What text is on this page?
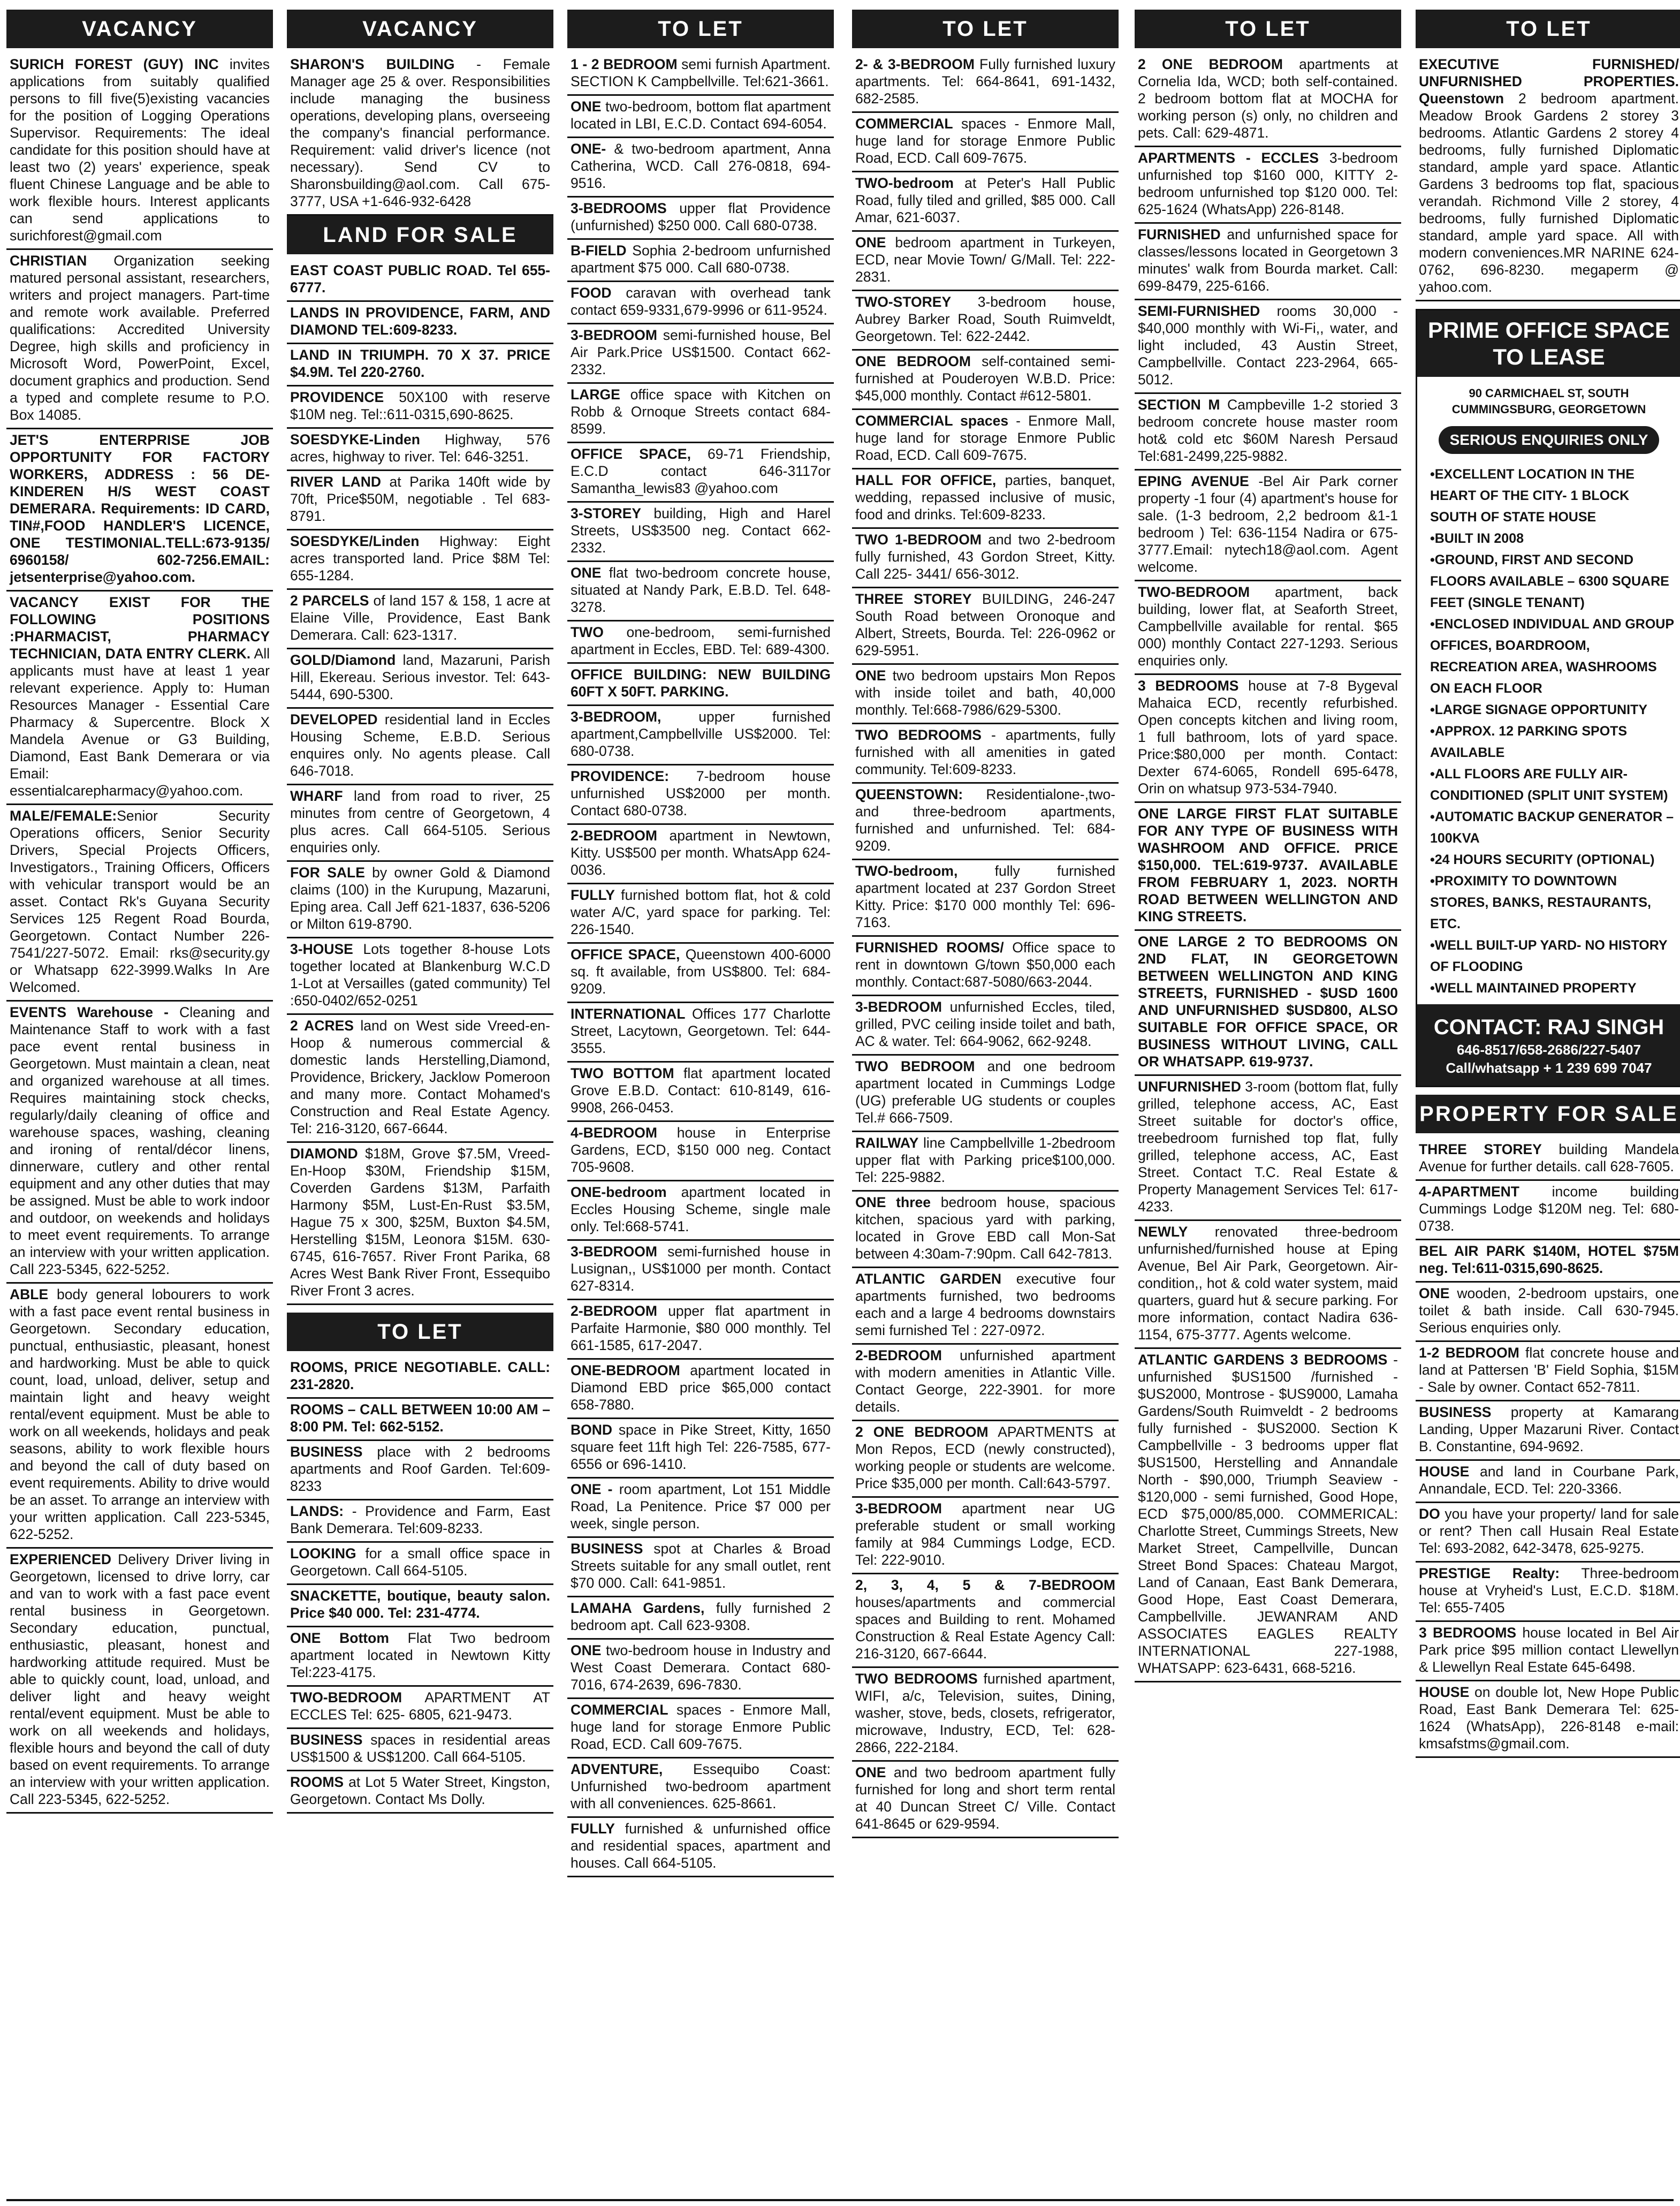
VACANCY
SURICH FOREST (GUY) INC invites applications from suitably qualified persons to fill five(5)existing vacancies for the position of Logging Operations Supervisor. Requirements: The ideal candidate for this position should have at least two (2) years' experience, speak fluent Chinese Language and be able to work flexible hours. Interest applicants can send applications to surichforest@gmail.com
CHRISTIAN Organization seeking matured personal assistant, researchers, writers and project managers. Part-time and remote work available. Preferred qualifications: Accredited University Degree, high skills and proficiency in Microsoft Word, PowerPoint, Excel, document graphics and production. Send a typed and complete resume to P.O. Box 14085.
JET'S ENTERPRISE JOB OPPORTUNITY FOR FACTORY WORKERS, ADDRESS : 56 DE-KINDEREN H/S WEST COAST DEMERARA. Requirements: ID CARD, TIN#,FOOD HANDLER'S LICENCE, ONE TESTIMONIAL.TELL:673-9135/ 6960158/ 602-7256.EMAIL: jetsenterprise@yahoo.com.
VACANCY EXIST FOR THE FOLLOWING POSITIONS :PHARMACIST, PHARMACY TECHNICIAN, DATA ENTRY CLERK. All applicants must have at least 1 year relevant experience. Apply to: Human Resources Manager - Essential Care Pharmacy & Supercentre. Block X Mandela Avenue or G3 Building, Diamond, East Bank Demerara or via Email: essentialcarepharmacy@yahoo.com.
MALE/FEMALE:Senior Security Operations officers, Senior Security Drivers, Special Projects Officers, Investigators., Training Officers, Officers with vehicular transport would be an asset. Contact Rk's Guyana Security Services 125 Regent Road Bourda, Georgetown. Contact Number 226-7541/227-5072. Email: rks@security.gy or Whatsapp 622-3999.Walks In Are Welcomed.
EVENTS Warehouse - Cleaning and Maintenance Staff to work with a fast pace event rental business in Georgetown. Must maintain a clean, neat and organized warehouse at all times. Requires maintaining stock checks, regularly/daily cleaning of office and warehouse spaces, washing, cleaning and ironing of rental/décor linens, dinnerware, cutlery and other rental equipment and any other duties that may be assigned. Must be able to work indoor and outdoor, on weekends and holidays to meet event requirements. To arrange an interview with your written application. Call 223-5345, 622-5252.
ABLE body general lobourers to work with a fast pace event rental business in Georgetown. Secondary education, punctual, enthusiastic, pleasant, honest and hardworking. Must be able to quick count, load, unload, deliver, setup and maintain light and heavy weight rental/event equipment. Must be able to work on all weekends, holidays and peak seasons, ability to work flexible hours and beyond the call of duty based on event requirements. Ability to drive would be an asset. To arrange an interview with your written application. Call 223-5345, 622-5252.
EXPERIENCED Delivery Driver living in Georgetown, licensed to drive lorry, car and van to work with a fast pace event rental business in Georgetown. Secondary education, punctual, enthusiastic, pleasant, honest and hardworking attitude required. Must be able to quickly count, load, unload, and deliver light and heavy weight rental/event equipment. Must be able to work on all weekends and holidays, flexible hours and beyond the call of duty based on event requirements. To arrange an interview with your written application. Call 223-5345, 622-5252.
VACANCY
SHARON'S BUILDING - Female Manager age 25 & over. Responsibilities include managing the business operations, developing plans, overseeing the company's financial performance. Requirement: valid driver's licence (not necessary). Send CV to Sharonsbuilding@aol.com. Call 675-3777, USA +1-646-932-6428
LAND FOR SALE
EAST COAST PUBLIC ROAD. Tel 655-6777.
LANDS IN PROVIDENCE, FARM, AND DIAMOND TEL:609-8233.
LAND IN TRIUMPH. 70 X 37. PRICE $4.9M. Tel 220-2760.
PROVIDENCE 50X100 with reserve $10M neg. Tel::611-0315,690-8625.
SOESDYKE-Linden Highway, 576 acres, highway to river. Tel: 646-3251.
RIVER LAND at Parika 140ft wide by 70ft, Price$50M, negotiable . Tel 683-8791.
SOESDYKE/Linden Highway: Eight acres transported land. Price $8M Tel: 655-1284.
2 PARCELS of land 157 & 158, 1 acre at Elaine Ville, Providence, East Bank Demerara. Call: 623-1317.
GOLD/Diamond land, Mazaruni, Parish Hill, Ekereau. Serious investor. Tel: 643-5444, 690-5300.
DEVELOPED residential land in Eccles Housing Scheme, E.B.D. Serious enquires only. No agents please. Call 646-7018.
WHARF land from road to river, 25 minutes from centre of Georgetown, 4 plus acres. Call 664-5105. Serious enquiries only.
FOR SALE by owner Gold & Diamond claims (100) in the Kurupung, Mazaruni, Eping area. Call Jeff 621-1837, 636-5206 or Milton 619-8790.
3-HOUSE Lots together 8-house Lots together located at Blankenburg W.C.D 1-Lot at Versailles (gated community) Tel :650-0402/652-0251
2 ACRES land on West side Vreed-en-Hoop & numerous commercial & domestic lands Herstelling,Diamond, Providence, Brickery, Jacklow Pomeroon and many more. Contact Mohamed's Construction and Real Estate Agency. Tel: 216-3120, 667-6644.
DIAMOND $18M, Grove $7.5M, Vreed-En-Hoop $30M, Friendship $15M, Coverden Gardens $13M, Parfaith Harmony $5M, Lust-En-Rust $3.5M, Hague 75 x 300, $25M, Buxton $4.5M, Herstelling $15M, Leonora $15M. 630-6745, 616-7657. River Front Parika, 68 Acres West Bank River Front, Essequibo River Front 3 acres.
TO LET
ROOMS, PRICE NEGOTIABLE. CALL: 231-2820.
ROOMS – CALL BETWEEN 10:00 AM – 8:00 PM. Tel: 662-5152.
BUSINESS place with 2 bedrooms apartments and Roof Garden. Tel:609-8233
LANDS: - Providence and Farm, East Bank Demerara. Tel:609-8233.
LOOKING for a small office space in Georgetown. Call 664-5105.
SNACKETTE, boutique, beauty salon. Price $40 000. Tel: 231-4774.
ONE Bottom Flat Two bedroom apartment located in Newtown Kitty Tel:223-4175.
TWO-BEDROOM APARTMENT AT ECCLES Tel: 625- 6805, 621-9473.
BUSINESS spaces in residential areas US$1500 & US$1200. Call 664-5105.
ROOMS at Lot 5 Water Street, Kingston, Georgetown. Contact Ms Dolly.
TO LET
1 - 2 BEDROOM semi furnish Apartment. SECTION K Campbellville. Tel:621-3661.
ONE two-bedroom, bottom flat apartment located in LBI, E.C.D. Contact 694-6054.
ONE- & two-bedroom apartment, Anna Catherina, WCD. Call 276-0818, 694-9516.
3-BEDROOMS upper flat Providence (unfurnished) $250 000. Call 680-0738.
B-FIELD Sophia 2-bedroom unfurnished apartment $75 000. Call 680-0738.
FOOD caravan with overhead tank contact 659-9331,679-9996 or 611-9524.
3-BEDROOM semi-furnished house, Bel Air Park.Price US$1500. Contact 662-2332.
LARGE office space with Kitchen on Robb & Ornoque Streets contact 684-8599.
OFFICE SPACE, 69-71 Friendship, E.C.D contact 646-3117or Samantha_lewis83 @yahoo.com
3-STOREY building, High and Harel Streets, US$3500 neg. Contact 662-2332.
ONE flat two-bedroom concrete house, situated at Nandy Park, E.B.D. Tel. 648-3278.
TWO one-bedroom, semi-furnished apartment in Eccles, EBD. Tel: 689-4300.
OFFICE BUILDING: NEW BUILDING 60FT X 50FT. PARKING.
3-BEDROOM, upper furnished apartment,Campbellville US$2000. Tel: 680-0738.
PROVIDENCE: 7-bedroom house unfurnished US$2000 per month. Contact 680-0738.
2-BEDROOM apartment in Newtown, Kitty. US$500 per month. WhatsApp 624-0036.
FULLY furnished bottom flat, hot & cold water A/C, yard space for parking. Tel: 226-1540.
OFFICE SPACE, Queenstown 400-6000 sq. ft available, from US$800. Tel: 684-9209.
INTERNATIONAL Offices 177 Charlotte Street, Lacytown, Georgetown. Tel: 644-3555.
TWO BOTTOM flat apartment located Grove E.B.D. Contact: 610-8149, 616-9908, 266-0453.
4-BEDROOM house in Enterprise Gardens, ECD, $150 000 neg. Contact 705-9608.
ONE-bedroom apartment located in Eccles Housing Scheme, single male only. Tel:668-5741.
3-BEDROOM semi-furnished house in Lusignan,, US$1000 per month. Contact 627-8314.
2-BEDROOM upper flat apartment in Parfaite Harmonie, $80 000 monthly. Tel 661-1585, 617-2047.
ONE-BEDROOM apartment located in Diamond EBD price $65,000 contact 658-7880.
BOND space in Pike Street, Kitty, 1650 square feet 11ft high Tel: 226-7585, 677-6556 or 696-1410.
ONE - room apartment, Lot 151 Middle Road, La Penitence. Price $7 000 per week, single person.
BUSINESS spot at Charles & Broad Streets suitable for any small outlet, rent $70 000. Call: 641-9851.
LAMAHA Gardens, fully furnished 2 bedroom apt. Call 623-9308.
ONE two-bedroom house in Industry and West Coast Demerara. Contact 680-7016, 674-2639, 696-7830.
COMMERCIAL spaces - Enmore Mall, huge land for storage Enmore Public Road, ECD. Call 609-7675.
ADVENTURE, Essequibo Coast: Unfurnished two-bedroom apartment with all conveniences. 625-8661.
FULLY furnished & unfurnished office and residential spaces, apartment and houses. Call 664-5105.
TO LET
2- & 3-BEDROOM Fully furnished luxury apartments. Tel: 664-8641, 691-1432, 682-2585.
COMMERCIAL spaces - Enmore Mall, huge land for storage Enmore Public Road, ECD. Call 609-7675.
TWO-bedroom at Peter's Hall Public Road, fully tiled and grilled, $85 000. Call Amar, 621-6037.
ONE bedroom apartment in Turkeyen, ECD, near Movie Town/ G/Mall. Tel: 222-2831.
TWO-STOREY 3-bedroom house, Aubrey Barker Road, South Ruimveldt, Georgetown. Tel: 622-2442.
ONE BEDROOM self-contained semi-furnished at Pouderoyen W.B.D. Price: $45,000 monthly. Contact #612-5801.
COMMERCIAL spaces - Enmore Mall, huge land for storage Enmore Public Road, ECD. Call 609-7675.
HALL FOR OFFICE, parties, banquet, wedding, repassed inclusive of music, food and drinks. Tel:609-8233.
TWO 1-BEDROOM and two 2-bedroom fully furnished, 43 Gordon Street, Kitty. Call 225- 3441/ 656-3012.
THREE STOREY BUILDING, 246-247 South Road between Oronoque and Albert, Streets, Bourda. Tel: 226-0962 or 629-5951.
ONE two bedroom upstairs Mon Repos with inside toilet and bath, 40,000 monthly. Tel:668-7986/629-5300.
TWO BEDROOMS - apartments, fully furnished with all amenities in gated community. Tel:609-8233.
QUEENSTOWN: Residentialone-,two-and three-bedroom apartments, furnished and unfurnished. Tel: 684-9209.
TWO-bedroom, fully furnished apartment located at 237 Gordon Street Kitty. Price: $170 000 monthly Tel: 696-7163.
FURNISHED ROOMS/ Office space to rent in downtown G/town $50,000 each monthly. Contact:687-5080/663-2044.
3-BEDROOM unfurnished Eccles, tiled, grilled, PVC ceiling inside toilet and bath, AC & water. Tel: 664-9062, 662-9248.
TWO BEDROOM and one bedroom apartment located in Cummings Lodge (UG) preferable UG students or couples Tel.# 666-7509.
RAILWAY line Campbellville 1-2bedroom upper flat with Parking price$100,000. Tel: 225-9882.
ONE three bedroom house, spacious kitchen, spacious yard with parking, located in Grove EBD call Mon-Sat between 4:30am-7:90pm. Call 642-7813.
ATLANTIC GARDEN executive four apartments furnished, two bedrooms each and a large 4 bedrooms downstairs semi furnished Tel : 227-0972.
2-BEDROOM unfurnished apartment with modern amenities in Atlantic Ville. Contact George, 222-3901. for more details.
2 ONE BEDROOM APARTMENTS at Mon Repos, ECD (newly constructed), working people or students are welcome. Price $35,000 per month. Call:643-5797.
3-BEDROOM apartment near UG preferable student or small working family at 984 Cummings Lodge, ECD. Tel: 222-9010.
2, 3, 4, 5 & 7-BEDROOM houses/apartments and commercial spaces and Building to rent. Mohamed Construction & Real Estate Agency Call: 216-3120, 667-6644.
TWO BEDROOMS furnished apartment, WIFI, a/c, Television, suites, Dining, washer, stove, beds, closets, refrigerator, microwave, Industry, ECD, Tel: 628-2866, 222-2184.
ONE and two bedroom apartment fully furnished for long and short term rental at 40 Duncan Street C/ Ville. Contact 641-8645 or 629-9594.
TO LET
2 ONE BEDROOM apartments at Cornelia Ida, WCD; both self-contained. 2 bedroom bottom flat at MOCHA for working person (s) only, no children and pets. Call: 629-4871.
APARTMENTS - ECCLES 3-bedroom unfurnished top $160 000, KITTY 2-bedroom unfurnished top $120 000. Tel: 625-1624 (WhatsApp) 226-8148.
FURNISHED and unfurnished space for classes/lessons located in Georgetown 3 minutes' walk from Bourda market. Call: 699-8479, 225-6166.
SEMI-FURNISHED rooms 30,000 - $40,000 monthly with Wi-Fi,, water, and light included, 43 Austin Street, Campbellville. Contact 223-2964, 665-5012.
SECTION M Campbeville 1-2 storied 3 bedroom concrete house master room hot& cold etc $60M Naresh Persaud Tel:681-2499,225-9882.
EPING AVENUE -Bel Air Park corner property -1 four (4) apartment's house for sale. (1-3 bedroom, 2,2 bedroom &1-1 bedroom ) Tel: 636-1154 Nadira or 675-3777.Email: nytech18@aol.com. Agent welcome.
TWO-BEDROOM apartment, back building, lower flat, at Seaforth Street, Campbellville available for rental. $65 000) monthly Contact 227-1293. Serious enquiries only.
3 BEDROOMS house at 7-8 Bygeval Mahaica ECD, recently refurbished. Open concepts kitchen and living room, 1 full bathroom, lots of yard space. Price:$80,000 per month. Contact: Dexter 674-6065, Rondell 695-6478, Orin on whatsup 973-534-7940.
ONE LARGE FIRST FLAT SUITABLE FOR ANY TYPE OF BUSINESS WITH WASHROOM AND OFFICE. PRICE $150,000. TEL:619-9737. AVAILABLE FROM FEBRUARY 1, 2023. NORTH ROAD BETWEEN WELLINGTON AND KING STREETS.
ONE LARGE 2 TO BEDROOMS ON 2ND FLAT, IN GEORGETOWN BETWEEN WELLINGTON AND KING STREETS, FURNISHED - $USD 1600 AND UNFURNISHED $USD800, ALSO SUITABLE FOR OFFICE SPACE, OR BUSINESS WITHOUT LIVING, CALL OR WHATSAPP. 619-9737.
UNFURNISHED 3-room (bottom flat, fully grilled, telephone access, AC, East Street suitable for doctor's office, treebedroom furnished top flat, fully grilled, telephone access, AC, East Street. Contact T.C. Real Estate & Property Management Services Tel: 617-4233.
NEWLY renovated three-bedroom unfurnished/furnished house at Eping Avenue, Bel Air Park, Georgetown. Air-condition,, hot & cold water system, maid quarters, guard hut & secure parking. For more information, contact Nadira 636-1154, 675-3777. Agents welcome.
ATLANTIC GARDENS 3 BEDROOMS - unfurnished $US1500 /furnished - $US2000, Montrose - $US9000, Lamaha Gardens/South Ruimveldt - 2 bedrooms fully furnished - $US2000. Section K Campbellville - 3 bedrooms upper flat $US1500, Herstelling and Annandale North - $90,000, Triumph Seaview - $120,000 - semi furnished, Good Hope, ECD $75,000/85,000. COMMERICAL: Charlotte Street, Cummings Streets, New Market Street, Campellville, Duncan Street Bond Spaces: Chateau Margot, Land of Canaan, East Bank Demerara, Good Hope, East Coast Demerara, Campbellville. JEWANRAM AND ASSOCIATES EAGLES REALTY INTERNATIONAL 227-1988, WHATSAPP: 623-6431, 668-5216.
TO LET
EXECUTIVE FURNISHED/ UNFURNISHED PROPERTIES. Queenstown 2 bedroom apartment. Meadow Brook Gardens 2 storey 3 bedrooms. Atlantic Gardens 2 storey 4 bedrooms, fully furnished Diplomatic standard, ample yard space. Atlantic Gardens 3 bedrooms top flat, spacious verandah. Richmond Ville 2 storey, 4 bedrooms, fully furnished Diplomatic standard, ample yard space. All with modern conveniences.MR NARINE 624-0762, 696-8230. megaperm @ yahoo.com.
PRIME OFFICE SPACE TO LEASE
90 CARMICHAEL ST, SOUTH CUMMINGSBURG, GEORGETOWN
SERIOUS ENQUIRIES ONLY
•EXCELLENT LOCATION IN THE HEART OF THE CITY- 1 BLOCK SOUTH OF STATE HOUSE
•BUILT IN 2008
•GROUND, FIRST AND SECOND FLOORS AVAILABLE – 6300 SQUARE FEET (SINGLE TENANT)
•ENCLOSED INDIVIDUAL AND GROUP OFFICES, BOARDROOM, RECREATION AREA, WASHROOMS ON EACH FLOOR
•LARGE SIGNAGE OPPORTUNITY
•APPROX. 12 PARKING SPOTS AVAILABLE
•ALL FLOORS ARE FULLY AIR-CONDITIONED (SPLIT UNIT SYSTEM)
•AUTOMATIC BACKUP GENERATOR – 100KVA
•24 HOURS SECURITY (OPTIONAL)
•PROXIMITY TO DOWNTOWN STORES, BANKS, RESTAURANTS, ETC.
•WELL BUILT-UP YARD- NO HISTORY OF FLOODING
•WELL MAINTAINED PROPERTY
CONTACT: RAJ SINGH
646-8517/658-2686/227-5407
Call/whatsapp + 1 239 699 7047
PROPERTY FOR SALE
THREE STOREY building Mandela Avenue for further details. call 628-7605.
4-APARTMENT income building Cummings Lodge $120M neg. Tel: 680-0738.
BEL AIR PARK $140M, HOTEL $75M neg. Tel:611-0315,690-8625.
ONE wooden, 2-bedroom upstairs, one toilet & bath inside. Call 630-7945. Serious enquiries only.
1-2 BEDROOM flat concrete house and land at Pattersen 'B' Field Sophia, $15M - Sale by owner. Contact 652-7811.
BUSINESS property at Kamarang Landing, Upper Mazaruni River. Contact B. Constantine, 694-9692.
HOUSE and land in Courbane Park, Annandale, ECD. Tel: 220-3366.
DO you have your property/ land for sale or rent? Then call Husain Real Estate Tel: 693-2082, 642-3478, 625-9275.
PRESTIGE Realty: Three-bedroom house at Vryheid's Lust, E.C.D. $18M. Tel: 655-7405
3 BEDROOMS house located in Bel Air Park price $95 million contact Llewellyn & Llewellyn Real Estate 645-6498.
HOUSE on double lot, New Hope Public Road, East Bank Demerara Tel: 625-1624 (WhatsApp), 226-8148 e-mail: kmsafstms@gmail.com.
